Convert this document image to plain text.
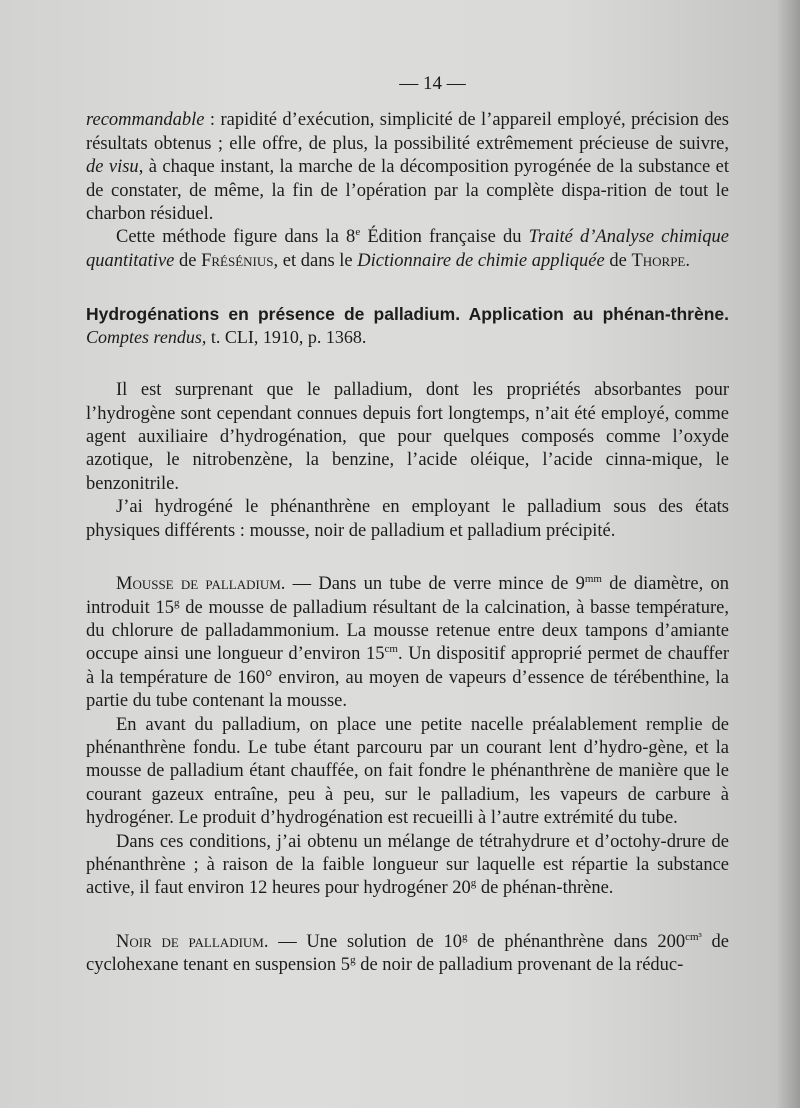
— 14 —

recommandable : rapidité d’exécution, simplicité de l’appareil employé, précision des résultats obtenus ; elle offre, de plus, la possibilité extrêmement précieuse de suivre, de visu, à chaque instant, la marche de la décomposition pyrogénée de la substance et de constater, de même, la fin de l’opération par la complète dispa-rition de tout le charbon résiduel.

Cette méthode figure dans la 8e Édition française du Traité d’Analyse chimique quantitative de Frésénius, et dans le Dictionnaire de chimie appliquée de Thorpe.

Hydrogénations en présence de palladium. Application au phénan-thrène. Comptes rendus, t. CLI, 1910, p. 1368.

Il est surprenant que le palladium, dont les propriétés absorbantes pour l’hydrogène sont cependant connues depuis fort longtemps, n’ait été employé, comme agent auxiliaire d’hydrogénation, que pour quelques composés comme l’oxyde azotique, le nitrobenzène, la benzine, l’acide oléique, l’acide cinna-mique, le benzonitrile.

J’ai hydrogéné le phénanthrène en employant le palladium sous des états physiques différents : mousse, noir de palladium et palladium précipité.

Mousse de palladium. — Dans un tube de verre mince de $9^{mm}$ de diamètre, on introduit 15$^g$ de mousse de palladium résultant de la calcination, à basse température, du chlorure de palladammonium. La mousse retenue entre deux tampons d’amiante occupe ainsi une longueur d’environ $15^{cm}$. Un dispositif approprié permet de chauffer à la température de 160° environ, au moyen de vapeurs d’essence de térébenthine, la partie du tube contenant la mousse.

En avant du palladium, on place une petite nacelle préalablement remplie de phénanthrène fondu. Le tube étant parcouru par un courant lent d’hydro-gène, et la mousse de palladium étant chauffée, on fait fondre le phénanthrène de manière que le courant gazeux entraîne, peu à peu, sur le palladium, les vapeurs de carbure à hydrogéner. Le produit d’hydrogénation est recueilli à l’autre extrémité du tube.

Dans ces conditions, j’ai obtenu un mélange de tétrahydrure et d’octohy-drure de phénanthrène ; à raison de la faible longueur sur laquelle est répartie la substance active, il faut environ 12 heures pour hydrogéner 20$^g$ de phénan-thrène.

Noir de palladium. — Une solution de 10$^g$ de phénanthrène dans $200^{cm^3}$ de cyclohexane tenant en suspension 5$^g$ de noir de palladium provenant de la réduc-
